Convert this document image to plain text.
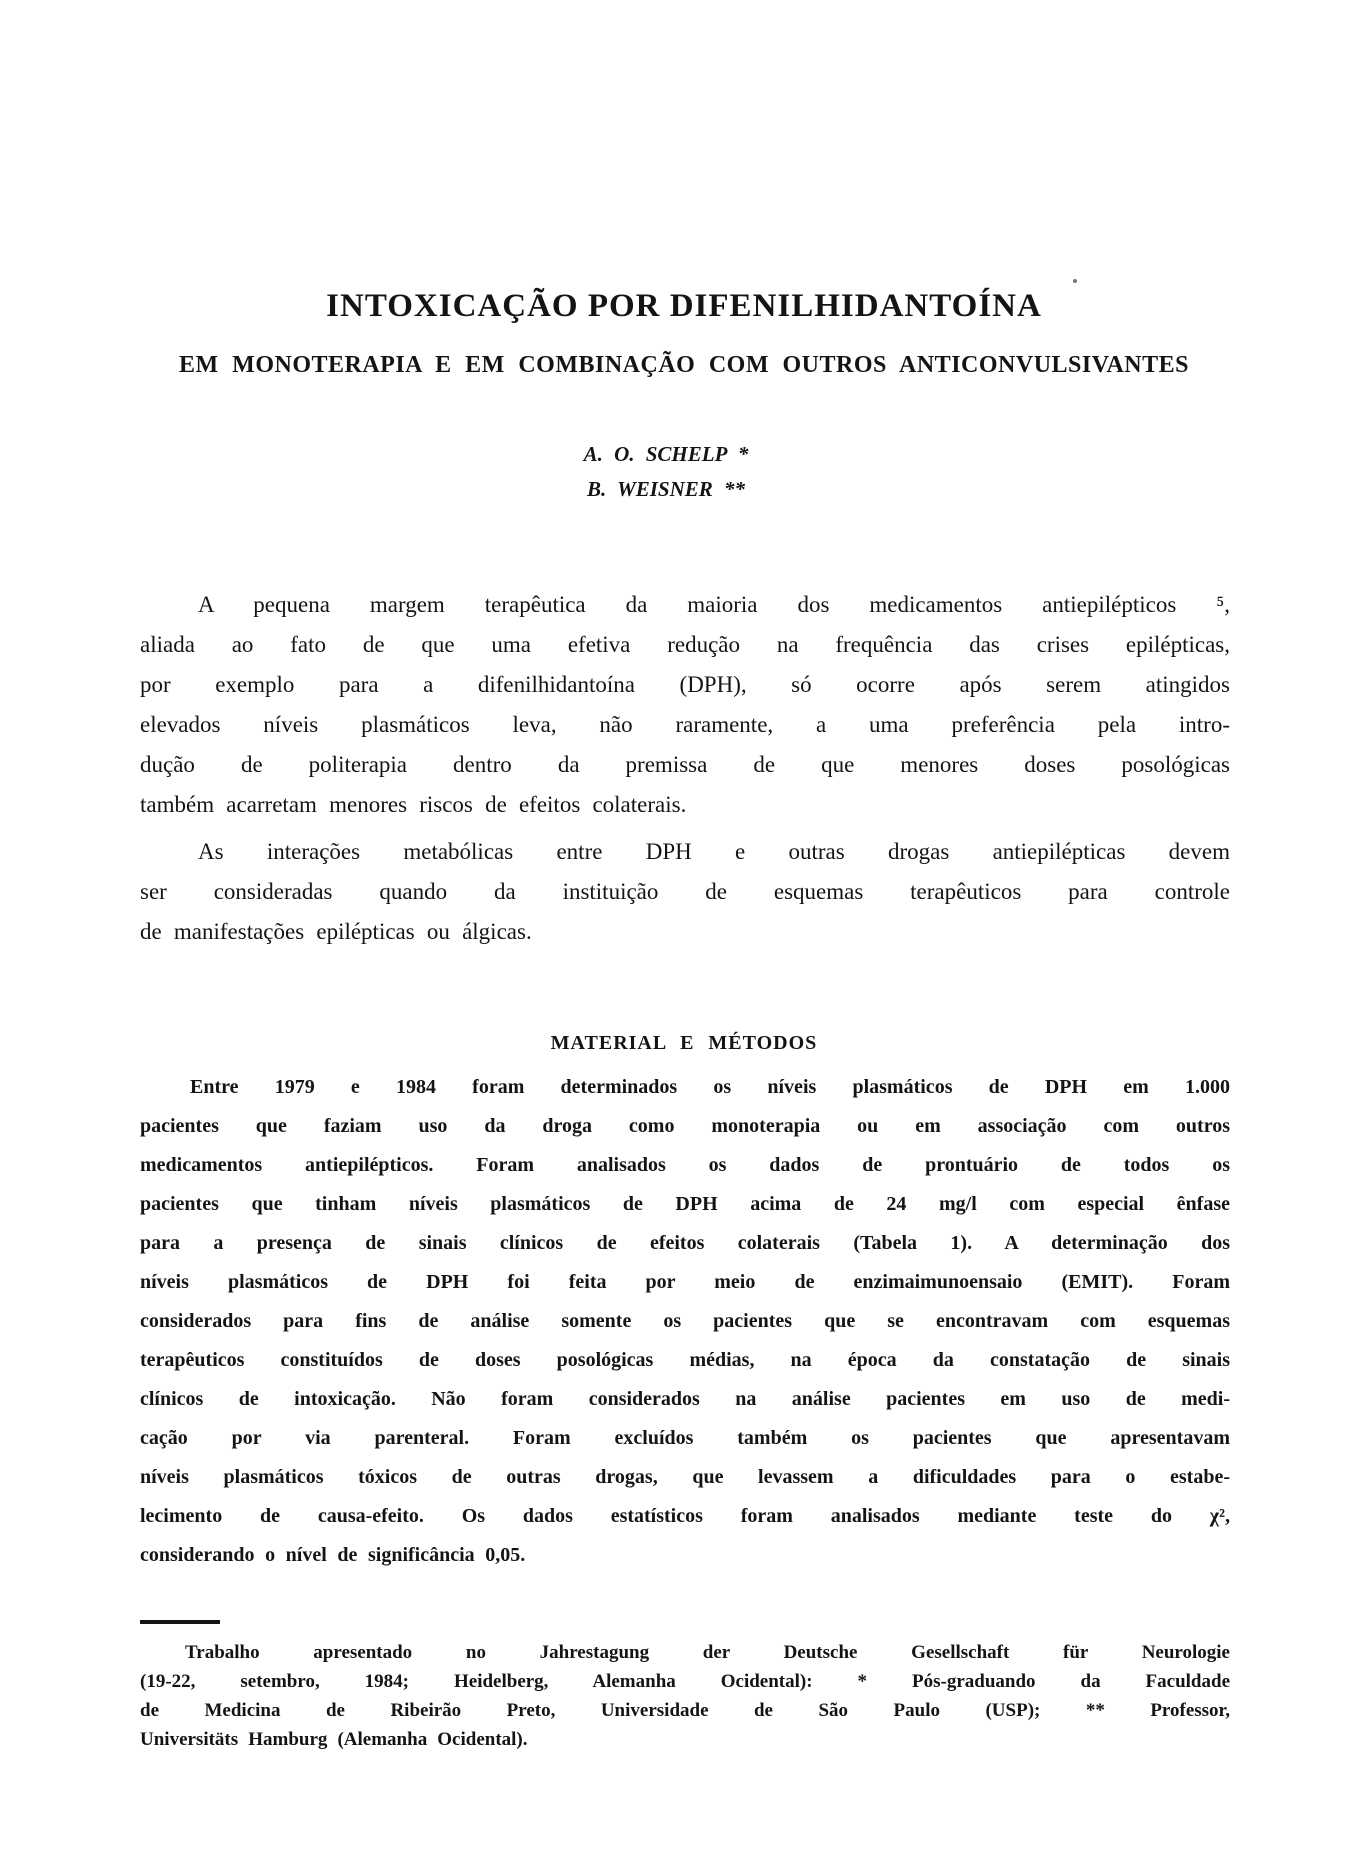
INTOXICAÇÃO POR DIFENILHIDANTOÍNA
EM MONOTERAPIA E EM COMBINAÇÃO COM OUTROS ANTICONVULSIVANTES
A. O. SCHELP *
B. WEISNER **
A pequena margem terapêutica da maioria dos medicamentos antiepilépticos ⁵,
aliada ao fato de que uma efetiva redução na frequência das crises epilépticas,
por exemplo para a difenilhidantoína (DPH), só ocorre após serem atingidos
elevados níveis plasmáticos leva, não raramente, a uma preferência pela intro-
dução de politerapia dentro da premissa de que menores doses posológicas
também acarretam menores riscos de efeitos colaterais.
As interações metabólicas entre DPH e outras drogas antiepilépticas devem
ser consideradas quando da instituição de esquemas terapêuticos para controle
de manifestações epilépticas ou álgicas.
MATERIAL E MÉTODOS
Entre 1979 e 1984 foram determinados os níveis plasmáticos de DPH em 1.000
pacientes que faziam uso da droga como monoterapia ou em associação com outros
medicamentos antiepilépticos. Foram analisados os dados de prontuário de todos os
pacientes que tinham níveis plasmáticos de DPH acima de 24 mg/l com especial ênfase
para a presença de sinais clínicos de efeitos colaterais (Tabela 1). A determinação dos
níveis plasmáticos de DPH foi feita por meio de enzimaimunoensaio (EMIT). Foram
considerados para fins de análise somente os pacientes que se encontravam com esquemas
terapêuticos constituídos de doses posológicas médias, na época da constatação de sinais
clínicos de intoxicação. Não foram considerados na análise pacientes em uso de medi-
cação por via parenteral. Foram excluídos também os pacientes que apresentavam
níveis plasmáticos tóxicos de outras drogas, que levassem a dificuldades para o estabe-
lecimento de causa-efeito. Os dados estatísticos foram analisados mediante teste do χ²,
considerando o nível de significância 0,05.
Trabalho apresentado no Jahrestagung der Deutsche Gesellschaft für Neurologie
(19-22, setembro, 1984; Heidelberg, Alemanha Ocidental): * Pós-graduando da Faculdade
de Medicina de Ribeirão Preto, Universidade de São Paulo (USP); ** Professor,
Universitäts Hamburg (Alemanha Ocidental).
